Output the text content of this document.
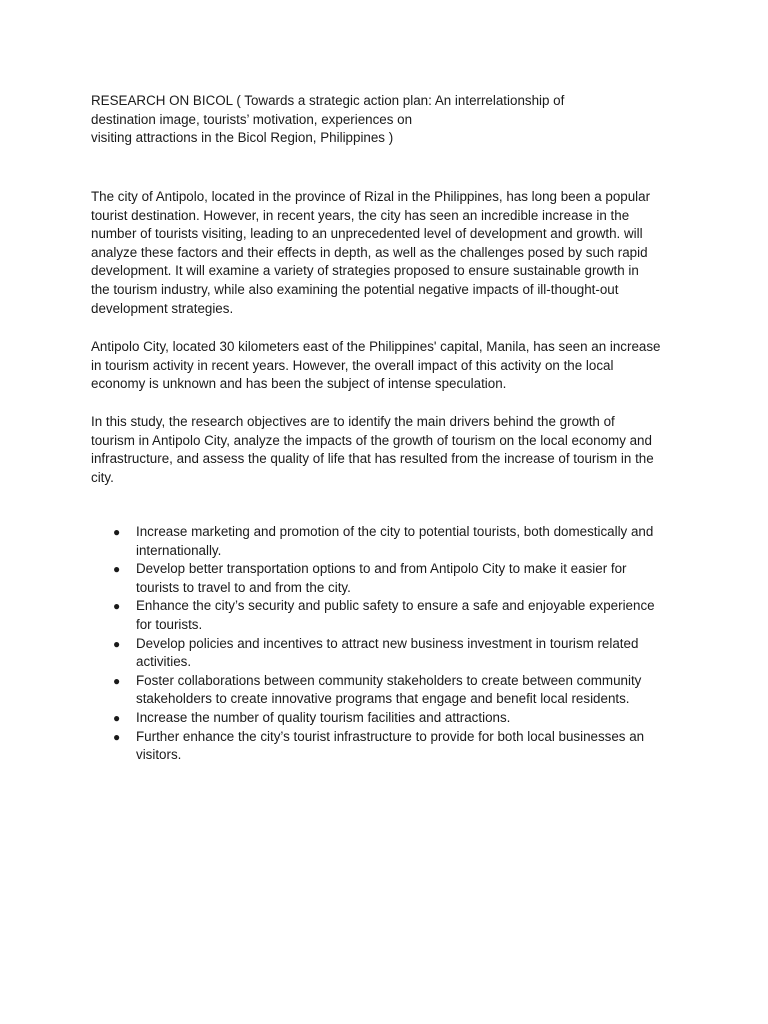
RESEARCH ON BICOL ( Towards a strategic action plan: An interrelationship of
destination image, tourists’ motivation, experiences on
visiting attractions in the Bicol Region, Philippines )

The city of Antipolo, located in the province of Rizal in the Philippines, has long been a popular
tourist destination. However, in recent years, the city has seen an incredible increase in the
number of tourists visiting, leading to an unprecedented level of development and growth. will
analyze these factors and their effects in depth, as well as the challenges posed by such rapid
development. It will examine a variety of strategies proposed to ensure sustainable growth in
the tourism industry, while also examining the potential negative impacts of ill-thought-out
development strategies.

Antipolo City, located 30 kilometers east of the Philippines' capital, Manila, has seen an increase
in tourism activity in recent years. However, the overall impact of this activity on the local
economy is unknown and has been the subject of intense speculation.

In this study, the research objectives are to identify the main drivers behind the growth of
tourism in Antipolo City, analyze the impacts of the growth of tourism on the local economy and
infrastructure, and assess the quality of life that has resulted from the increase of tourism in the
city.

● Increase marketing and promotion of the city to potential tourists, both domestically and
internationally.
● Develop better transportation options to and from Antipolo City to make it easier for
tourists to travel to and from the city.
● Enhance the city’s security and public safety to ensure a safe and enjoyable experience
for tourists.
● Develop policies and incentives to attract new business investment in tourism related
activities.
● Foster collaborations between community stakeholders to create between community
stakeholders to create innovative programs that engage and benefit local residents.
● Increase the number of quality tourism facilities and attractions.
● Further enhance the city’s tourist infrastructure to provide for both local businesses an
visitors.
